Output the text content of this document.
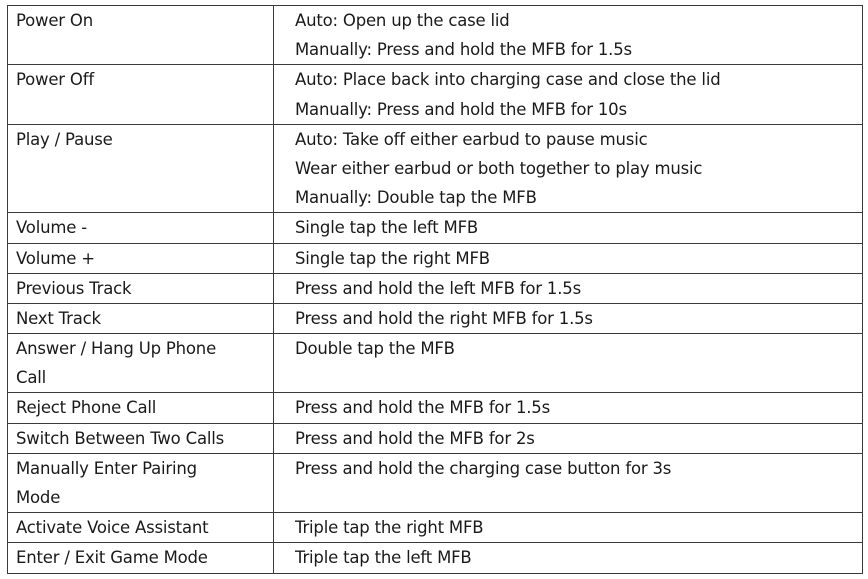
Power On	Auto: Open up the case lid
Manually: Press and hold the MFB for 1.5s

Power Off	Auto: Place back into charging case and close the lid
Manually: Press and hold the MFB for 10s

Play / Pause	Auto: Take off either earbud to pause music
Wear either earbud or both together to play music
Manually: Double tap the MFB

Volume -	Single tap the left MFB

Volume +	Single tap the right MFB

Previous Track	Press and hold the left MFB for 1.5s

Next Track	Press and hold the right MFB for 1.5s

Answer / Hang Up Phone
Call	Double tap the MFB

Reject Phone Call	Press and hold the MFB for 1.5s

Switch Between Two Calls	Press and hold the MFB for 2s

Manually Enter Pairing
Mode	Press and hold the charging case button for 3s

Activate Voice Assistant	Triple tap the right MFB

Enter / Exit Game Mode	Triple tap the left MFB
